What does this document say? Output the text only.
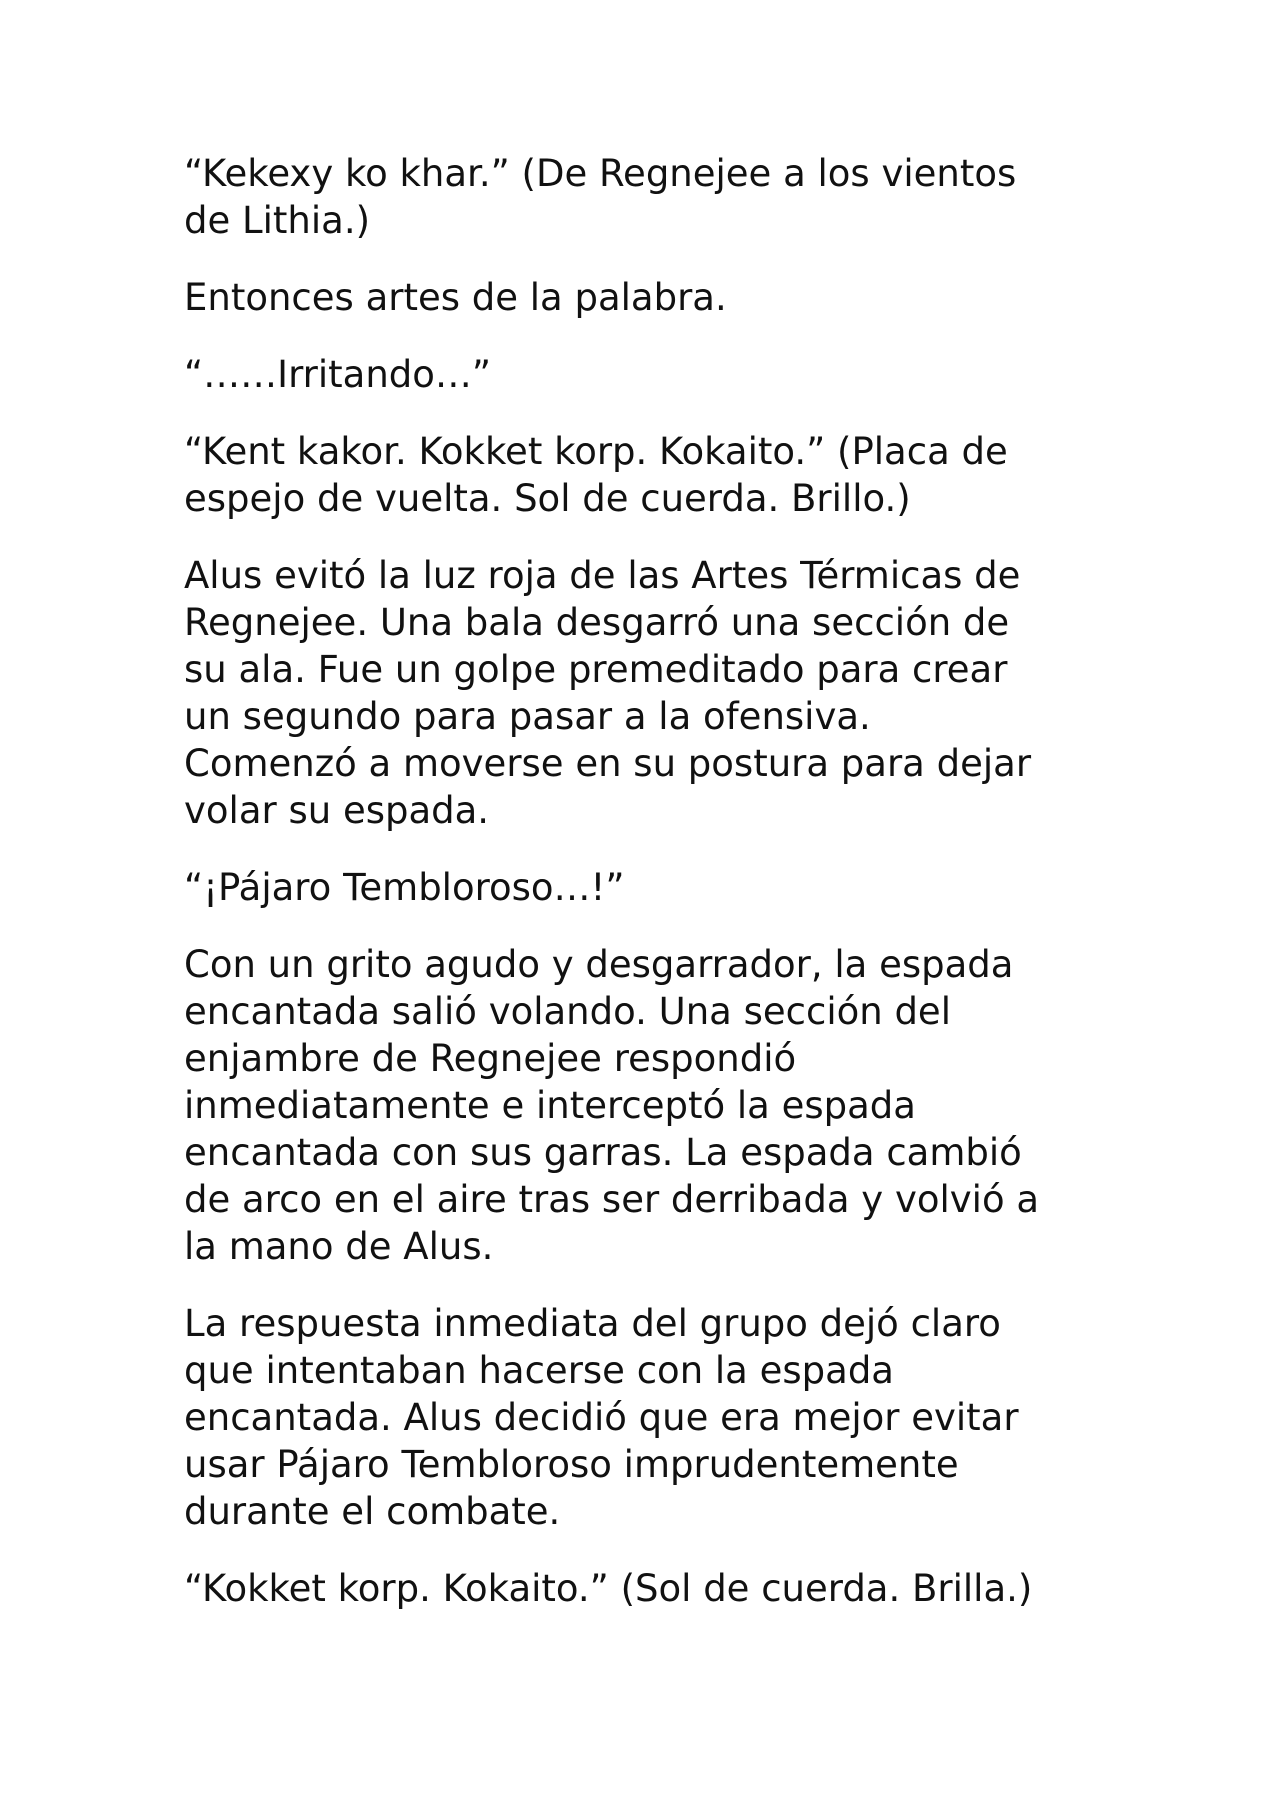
“Kekexy ko khar.” (De Regnejee a los vientos
de Lithia.)

Entonces artes de la palabra.

“……Irritando…”

“Kent kakor. Kokket korp. Kokaito.” (Placa de
espejo de vuelta. Sol de cuerda. Brillo.)

Alus evitó la luz roja de las Artes Térmicas de
Regnejee. Una bala desgarró una sección de
su ala. Fue un golpe premeditado para crear
un segundo para pasar a la ofensiva.
Comenzó a moverse en su postura para dejar
volar su espada.

“¡Pájaro Tembloroso…!”

Con un grito agudo y desgarrador, la espada
encantada salió volando. Una sección del
enjambre de Regnejee respondió
inmediatamente e interceptó la espada
encantada con sus garras. La espada cambió
de arco en el aire tras ser derribada y volvió a
la mano de Alus.

La respuesta inmediata del grupo dejó claro
que intentaban hacerse con la espada
encantada. Alus decidió que era mejor evitar
usar Pájaro Tembloroso imprudentemente
durante el combate.

“Kokket korp. Kokaito.” (Sol de cuerda. Brilla.)
